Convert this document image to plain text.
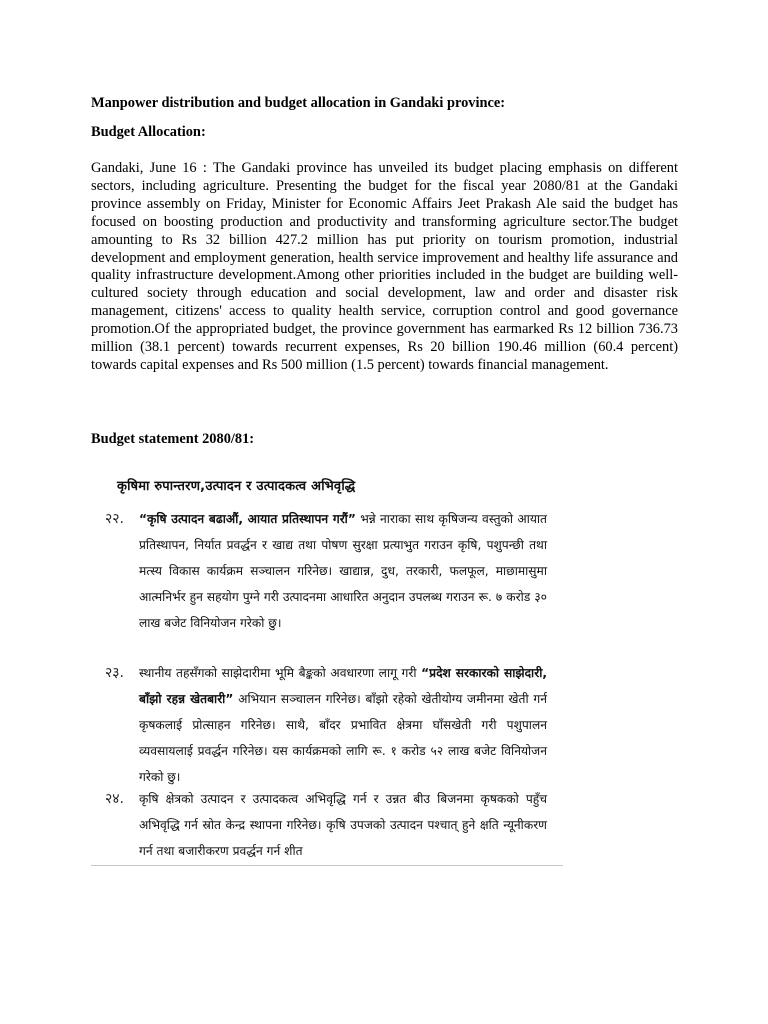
Manpower distribution and budget allocation in Gandaki province:

Budget Allocation:

Gandaki, June 16 : The Gandaki province has unveiled its budget placing emphasis on different sectors, including agriculture. Presenting the budget for the fiscal year 2080/81 at the Gandaki province assembly on Friday, Minister for Economic Affairs Jeet Prakash Ale said the budget has focused on boosting production and productivity and transforming agriculture sector.The budget amounting to Rs 32 billion 427.2 million has put priority on tourism promotion, industrial development and employment generation, health service improvement and healthy life assurance and quality infrastructure development.Among other priorities included in the budget are building well-cultured society through education and social development, law and order and disaster risk management, citizens' access to quality health service, corruption control and good governance promotion.Of the appropriated budget, the province government has earmarked Rs 12 billion 736.73 million (38.1 percent) towards recurrent expenses, Rs 20 billion 190.46 million (60.4 percent) towards capital expenses and Rs 500 million (1.5 percent) towards financial management.

Budget statement 2080/81:

कृषिमा रुपान्तरण,उत्पादन र उत्पादकत्व अभिवृद्धि
२२.	“कृषि उत्पादन बढाऔं, आयात प्रतिस्थापन गरौं” भन्ने नाराका साथ कृषिजन्य वस्तुको आयात प्रतिस्थापन, निर्यात प्रवर्द्धन र खाद्य तथा पोषण सुरक्षा प्रत्याभुत गराउन कृषि, पशुपन्छी तथा मत्स्य विकास कार्यक्रम सञ्चालन गरिनेछ। खाद्यान्न, दुध, तरकारी, फलफूल, माछामासुमा आत्मनिर्भर हुन सहयोग पुग्ने गरी उत्पादनमा आधारित अनुदान उपलब्ध गराउन रू. ७ करोड ३० लाख बजेट विनियोजन गरेको छु।
२३.	स्थानीय तहसँगको साझेदारीमा भूमि बैङ्कको अवधारणा लागू गरी “प्रदेश सरकारको साझेदारी, बाँझो रहन्न खेतबारी” अभियान सञ्चालन गरिनेछ। बाँझो रहेको खेतीयोग्य जमीनमा खेती गर्न कृषकलाई प्रोत्साहन गरिनेछ। साथै, बाँदर प्रभावित क्षेत्रमा घाँसखेती गरी पशुपालन व्यवसायलाई प्रवर्द्धन गरिनेछ। यस कार्यक्रमको लागि रू. १ करोड ५२ लाख बजेट विनियोजन गरेको छु।
२४.	कृषि क्षेत्रको उत्पादन र उत्पादकत्व अभिवृद्धि गर्न र उन्नत बीउ बिजनमा कृषकको पहुँच अभिवृद्धि गर्न स्रोत केन्द्र स्थापना गरिनेछ। कृषि उपजको उत्पादन पश्चात् हुने क्षति न्यूनीकरण गर्न तथा बजारीकरण प्रवर्द्धन गर्न शीत
